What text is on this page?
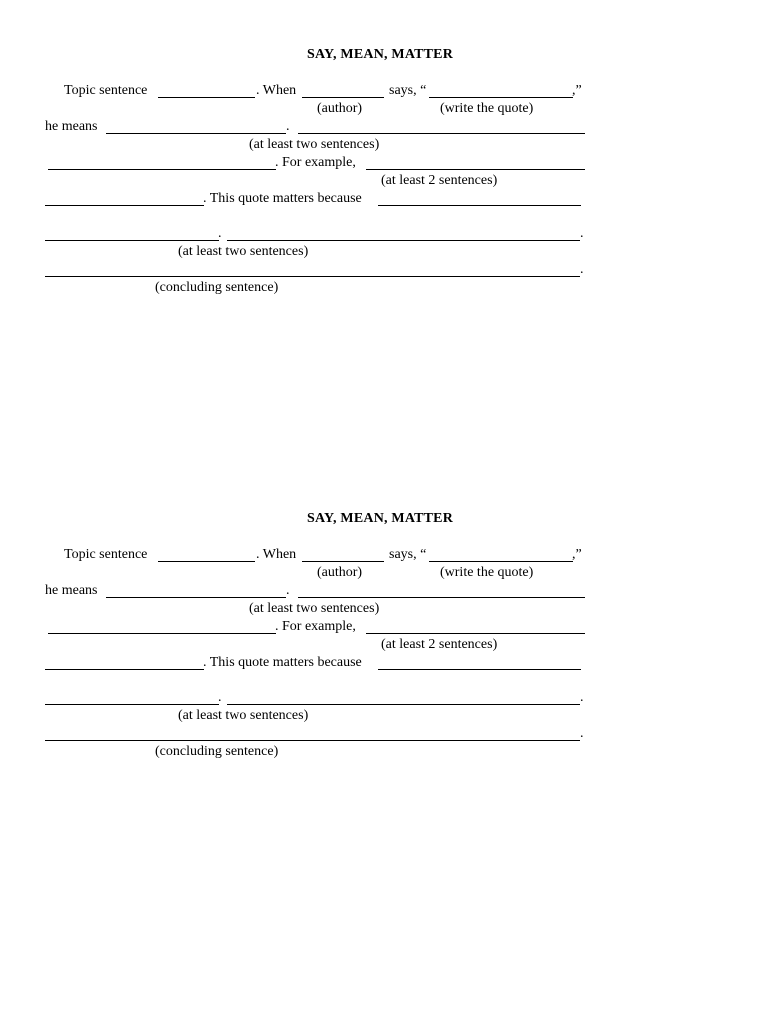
SAY, MEAN, MATTER
Topic sentence	. When	says, “	,”
(author)	(write the quote)
he means	.
(at least two sentences)
. For example,
(at least 2 sentences)
. This quote matters because
.	.
(at least two sentences)
.
(concluding sentence)
SAY, MEAN, MATTER
Topic sentence	. When	says, “	,”
(author)	(write the quote)
he means	.
(at least two sentences)
. For example,
(at least 2 sentences)
. This quote matters because
.	.
(at least two sentences)
.
(concluding sentence)
